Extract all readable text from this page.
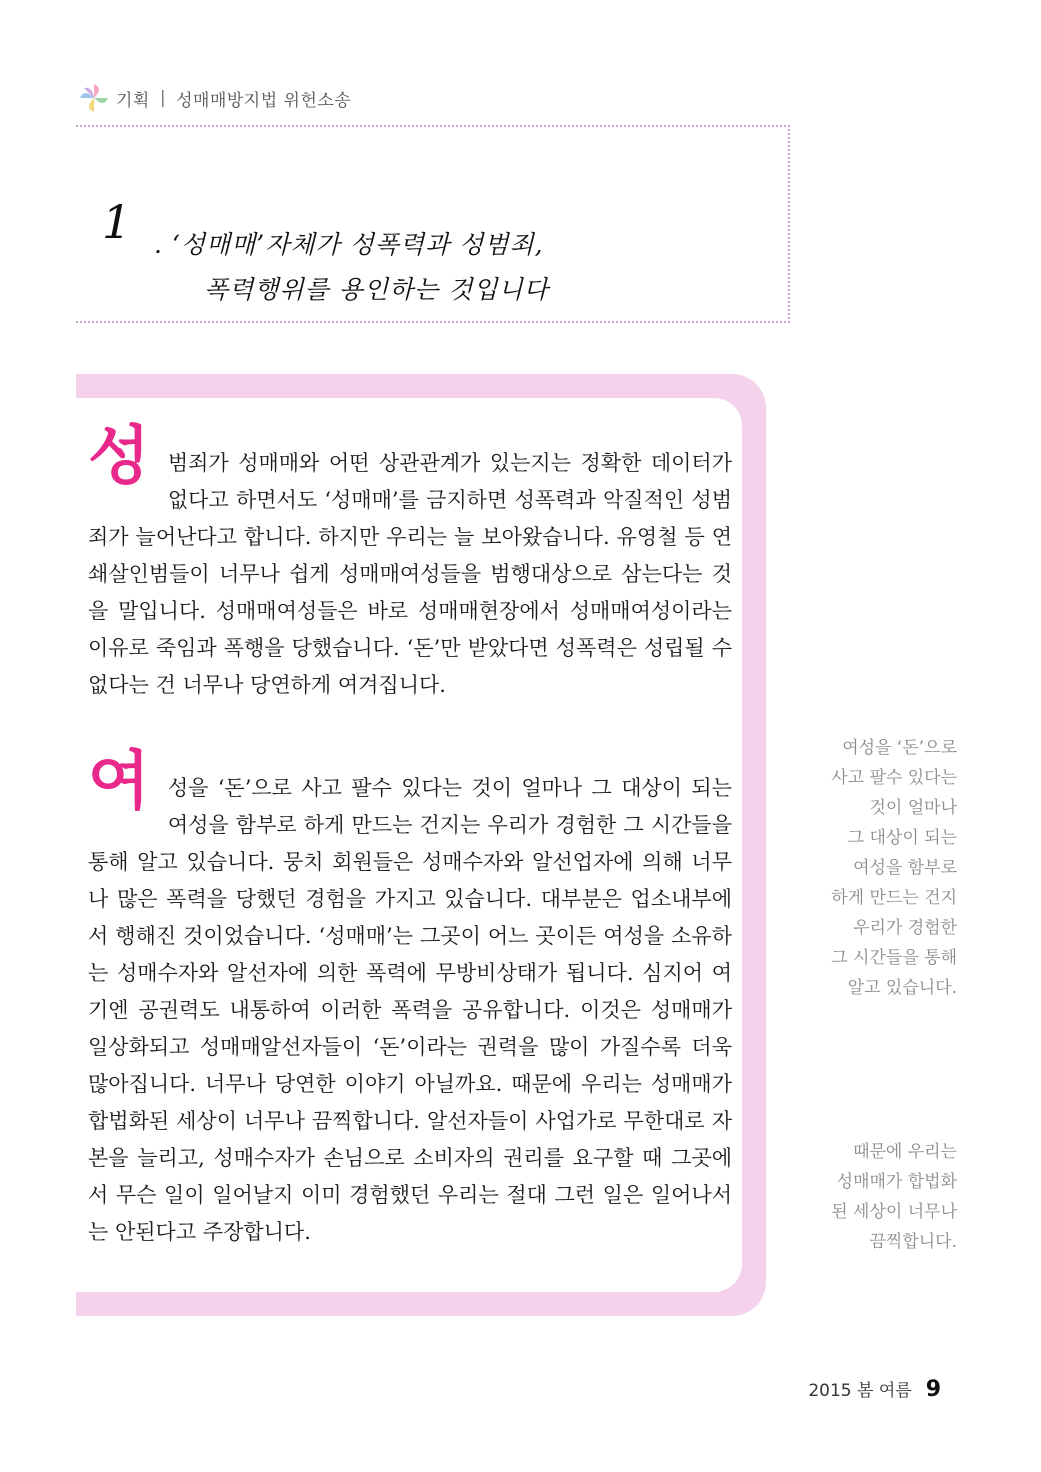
기획 | 성매매방지법 위헌소송
1 . ‘성매매’자체가 성폭력과 성범죄,
폭력행위를 용인하는 것입니다

성 범죄가 성매매와 어떤 상관관계가 있는지는 정확한 데이터가 없다고 하면서도 ‘성매매’를 금지하면 성폭력과 악질적인 성범죄가 늘어난다고 합니다. 하지만 우리는 늘 보아왔습니다. 유영철 등 연쇄살인범들이 너무나 쉽게 성매매여성들을 범행대상으로 삼는다는 것을 말입니다. 성매매여성들은 바로 성매매현장에서 성매매여성이라는 이유로 죽임과 폭행을 당했습니다. ‘돈’만 받았다면 성폭력은 성립될 수 없다는 건 너무나 당연하게 여겨집니다.

여 성을 ‘돈’으로 사고 팔수 있다는 것이 얼마나 그 대상이 되는 여성을 함부로 하게 만드는 건지는 우리가 경험한 그 시간들을 통해 알고 있습니다. 뭉치 회원들은 성매수자와 알선업자에 의해 너무나 많은 폭력을 당했던 경험을 가지고 있습니다. 대부분은 업소내부에서 행해진 것이었습니다. ‘성매매’는 그곳이 어느 곳이든 여성을 소유하는 성매수자와 알선자에 의한 폭력에 무방비상태가 됩니다. 심지어 여기엔 공권력도 내통하여 이러한 폭력을 공유합니다. 이것은 성매매가 일상화되고 성매매알선자들이 ‘돈’이라는 권력을 많이 가질수록 더욱 많아집니다. 너무나 당연한 이야기 아닐까요. 때문에 우리는 성매매가 합법화된 세상이 너무나 끔찍합니다. 알선자들이 사업가로 무한대로 자본을 늘리고, 성매수자가 손님으로 소비자의 권리를 요구할 때 그곳에서 무슨 일이 일어날지 이미 경험했던 우리는 절대 그런 일은 일어나서는 안된다고 주장합니다.

여성을 ‘돈’으로
사고 팔수 있다는
것이 얼마나
그 대상이 되는
여성을 함부로
하게 만드는 건지
우리가 경험한
그 시간들을 통해
알고 있습니다.
때문에 우리는
성매매가 합법화
된 세상이 너무나
끔찍합니다.
2015 봄 여름 9
